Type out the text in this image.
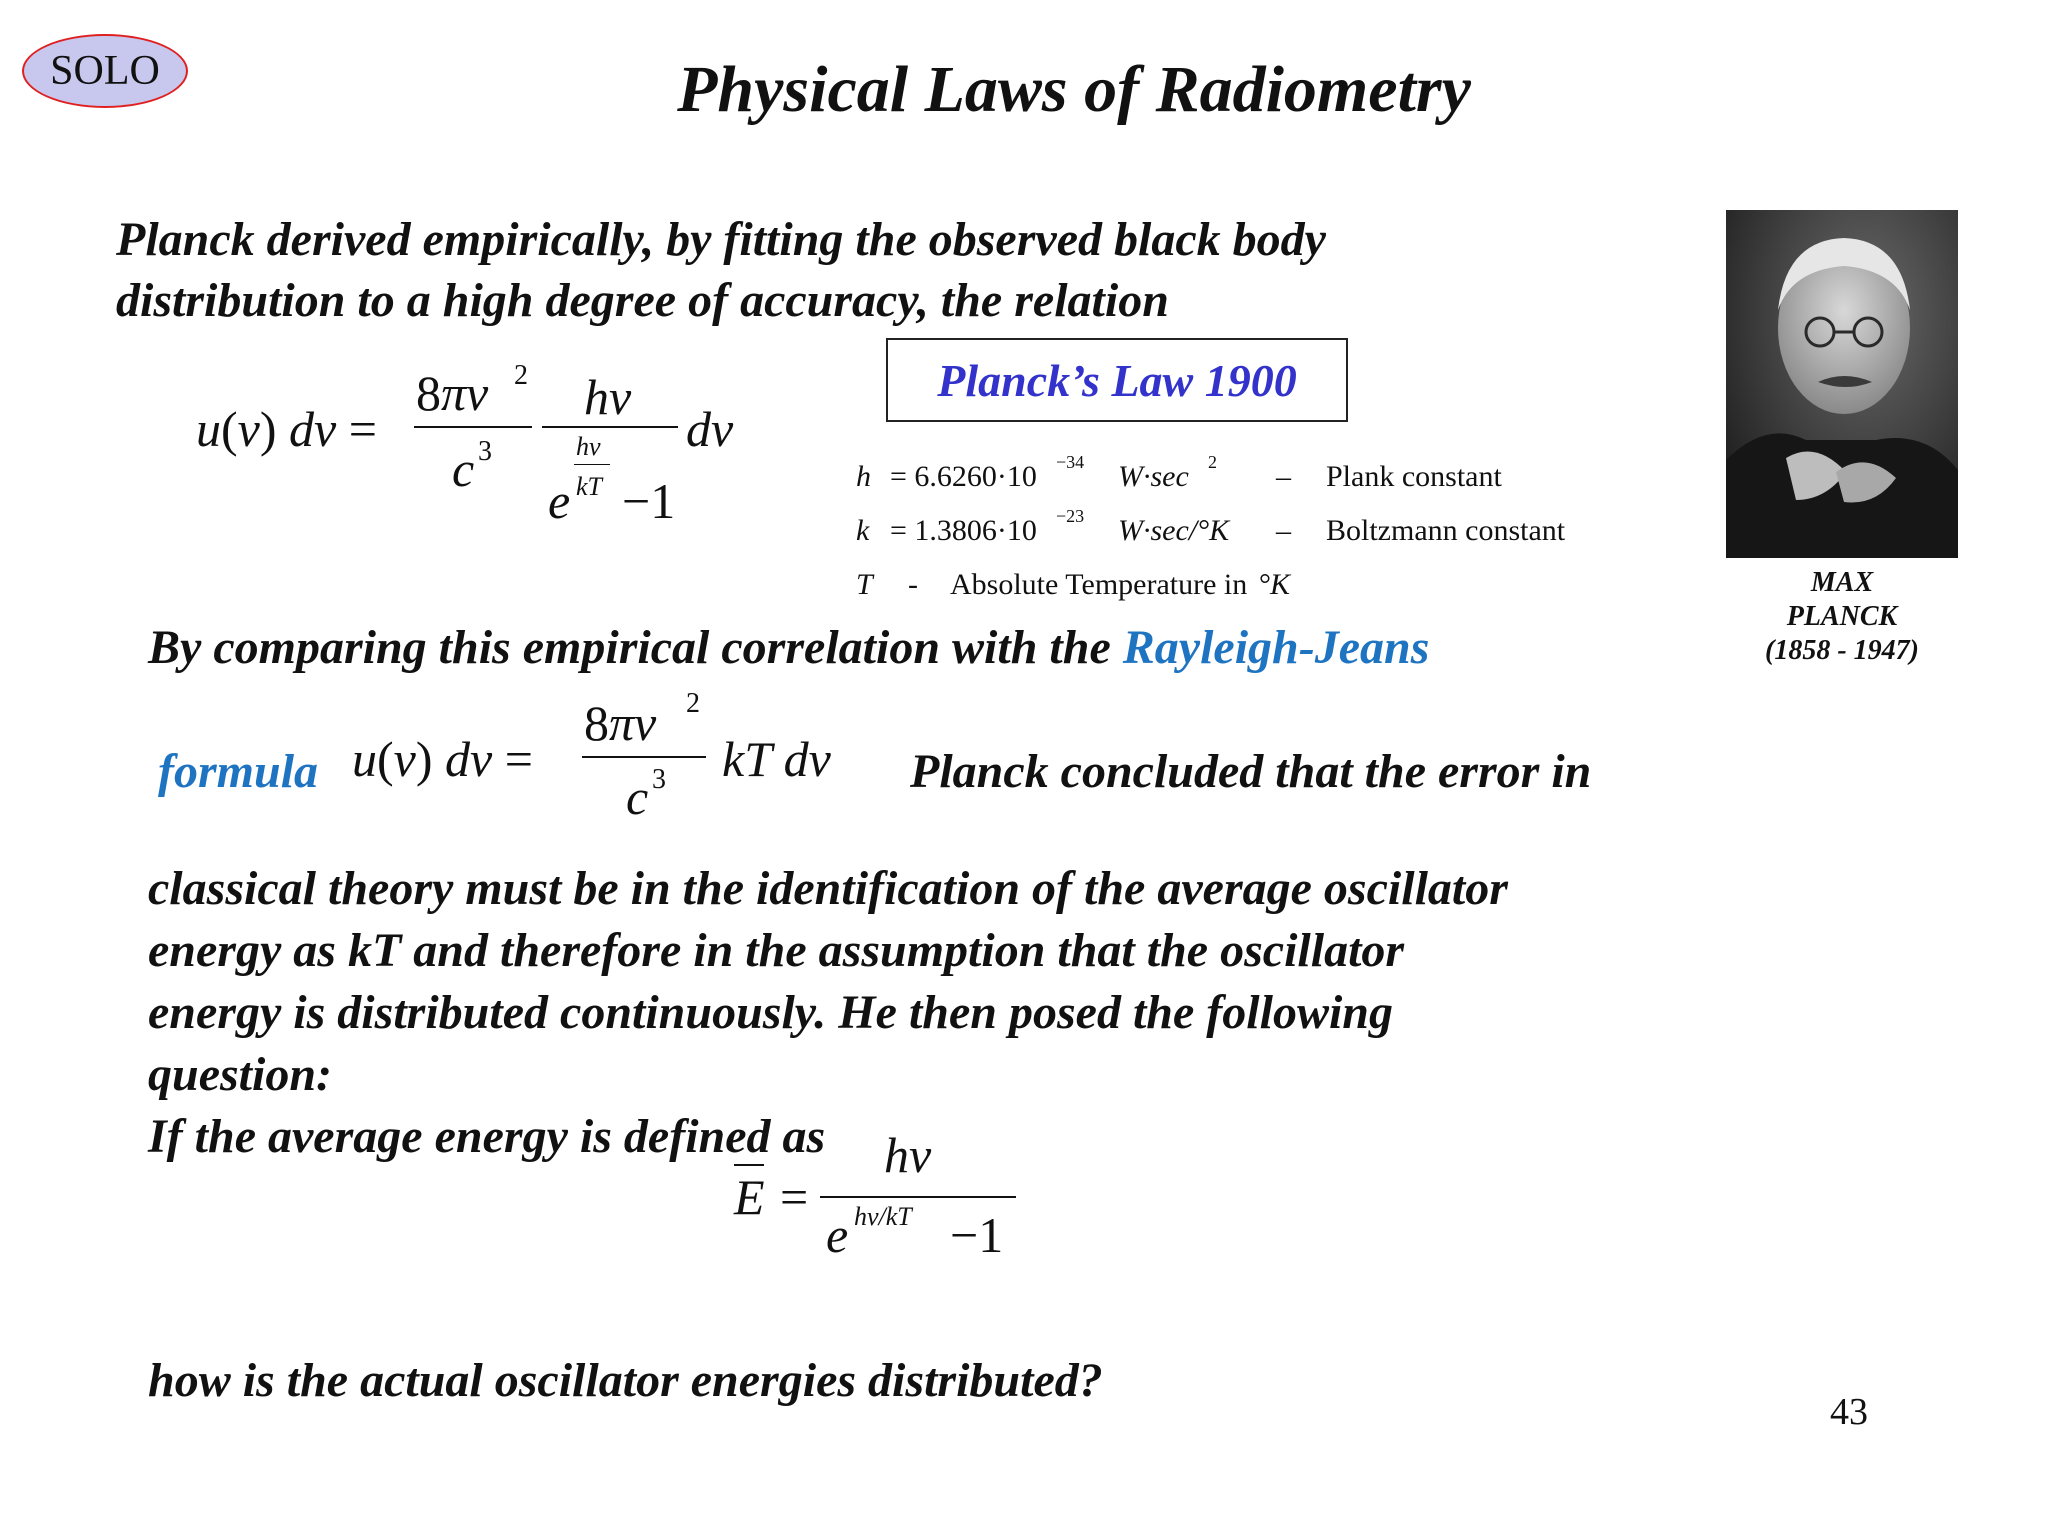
SOLO	Physical Laws of Radiometry
Planck derived empirically, by fitting the observed black body
distribution to a high degree of accuracy, the relation
u(ν) dν =
8πν 2
c 3
hν
hν
e kT −1
dν
Planck’s Law 1900
h = 6.6260·10 −34 W·sec 2 – Plank constant
k = 1.3806·10 −23 W·sec/°K – Boltzmann constant
T - Absolute Temperature in °K	MAX
PLANCK
(1858 - 1947)
By comparing this empirical correlation with the Rayleigh-Jeans
formula u(ν) dν =
8πν 2
c 3 kT dν Planck concluded that the error in
classical theory must be in the identification of the average oscillator
energy as kT and therefore in the assumption that the oscillator
energy is distributed continuously. He then posed the following
question:
If the average energy is defined as
E =
hν
e hν/kT −1
how is the actual oscillator energies distributed?
43
